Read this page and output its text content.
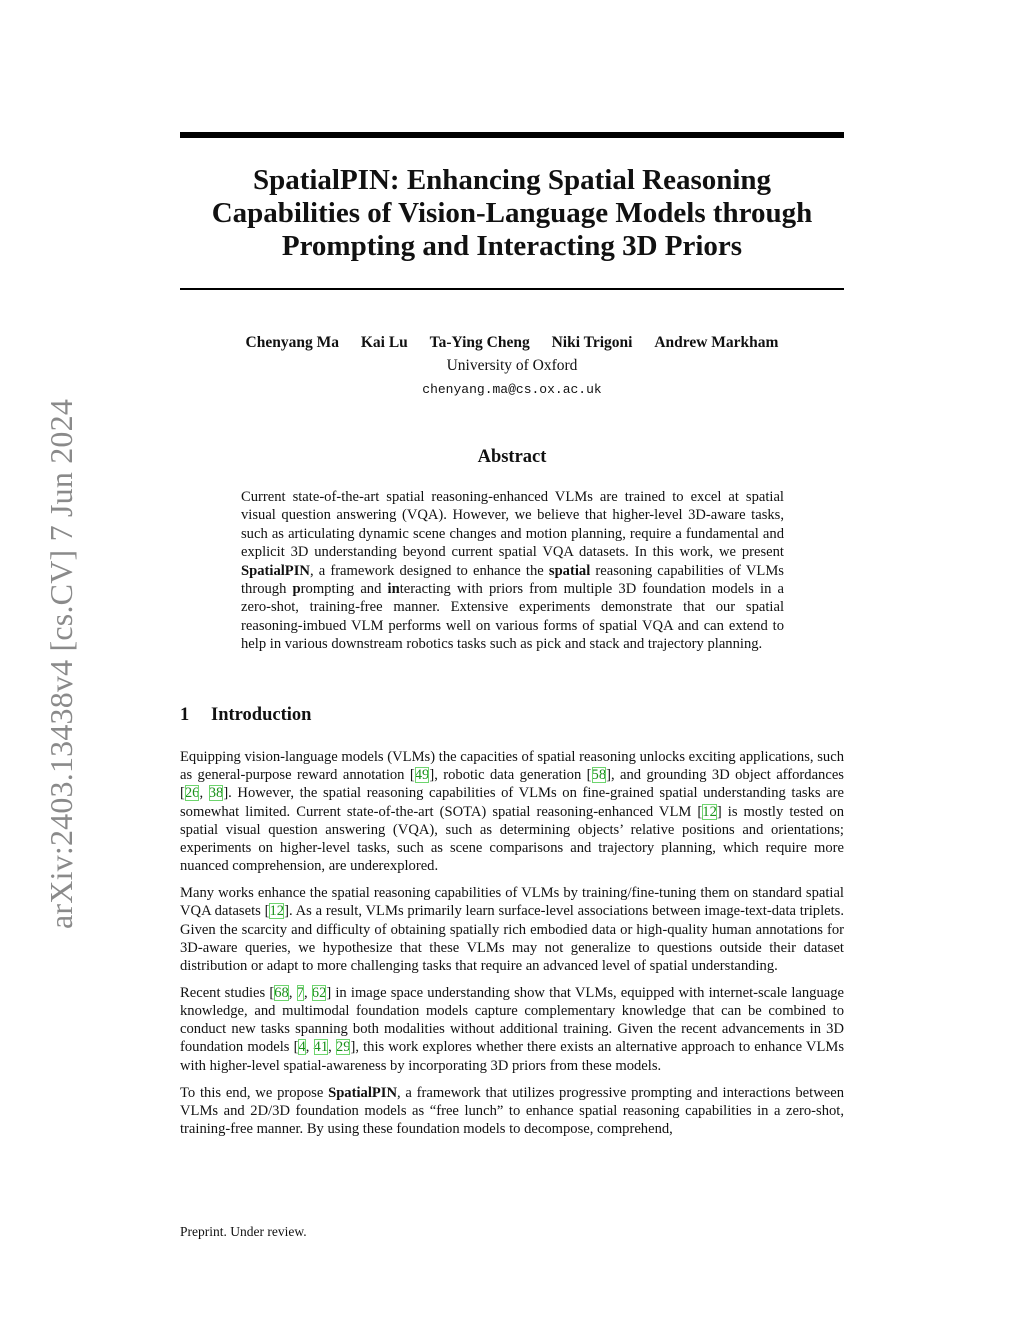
arXiv:2403.13438v4 [cs.CV] 7 Jun 2024
SpatialPIN: Enhancing Spatial Reasoning Capabilities of Vision-Language Models through Prompting and Interacting 3D Priors
Chenyang Ma Kai Lu Ta-Ying Cheng Niki Trigoni Andrew Markham
University of Oxford
chenyang.ma@cs.ox.ac.uk
Abstract

Current state-of-the-art spatial reasoning-enhanced VLMs are trained to excel at spatial visual question answering (VQA). However, we believe that higher-level 3D-aware tasks, such as articulating dynamic scene changes and motion planning, require a fundamental and explicit 3D understanding beyond current spatial VQA datasets. In this work, we present SpatialPIN, a framework designed to enhance the spatial reasoning capabilities of VLMs through prompting and interacting with priors from multiple 3D foundation models in a zero-shot, training-free manner. Extensive experiments demonstrate that our spatial reasoning-imbued VLM performs well on various forms of spatial VQA and can extend to help in various downstream robotics tasks such as pick and stack and trajectory planning.

1 Introduction

Equipping vision-language models (VLMs) the capacities of spatial reasoning unlocks exciting applications, such as general-purpose reward annotation [49], robotic data generation [58], and grounding 3D object affordances [26, 38]. However, the spatial reasoning capabilities of VLMs on fine-grained spatial understanding tasks are somewhat limited. Current state-of-the-art (SOTA) spatial reasoning-enhanced VLM [12] is mostly tested on spatial visual question answering (VQA), such as determining objects’ relative positions and orientations; experiments on higher-level tasks, such as scene comparisons and trajectory planning, which require more nuanced comprehension, are underexplored.

Many works enhance the spatial reasoning capabilities of VLMs by training/fine-tuning them on standard spatial VQA datasets [12]. As a result, VLMs primarily learn surface-level associations between image-text-data triplets. Given the scarcity and difficulty of obtaining spatially rich embodied data or high-quality human annotations for 3D-aware queries, we hypothesize that these VLMs may not generalize to questions outside their dataset distribution or adapt to more challenging tasks that require an advanced level of spatial understanding.

Recent studies [68, 7, 62] in image space understanding show that VLMs, equipped with internet-scale language knowledge, and multimodal foundation models capture complementary knowledge that can be combined to conduct new tasks spanning both modalities without additional training. Given the recent advancements in 3D foundation models [4, 41, 29], this work explores whether there exists an alternative approach to enhance VLMs with higher-level spatial-awareness by incorporating 3D priors from these models.

To this end, we propose SpatialPIN, a framework that utilizes progressive prompting and interactions between VLMs and 2D/3D foundation models as “free lunch” to enhance spatial reasoning capabilities in a zero-shot, training-free manner. By using these foundation models to decompose, comprehend,

Preprint. Under review.
